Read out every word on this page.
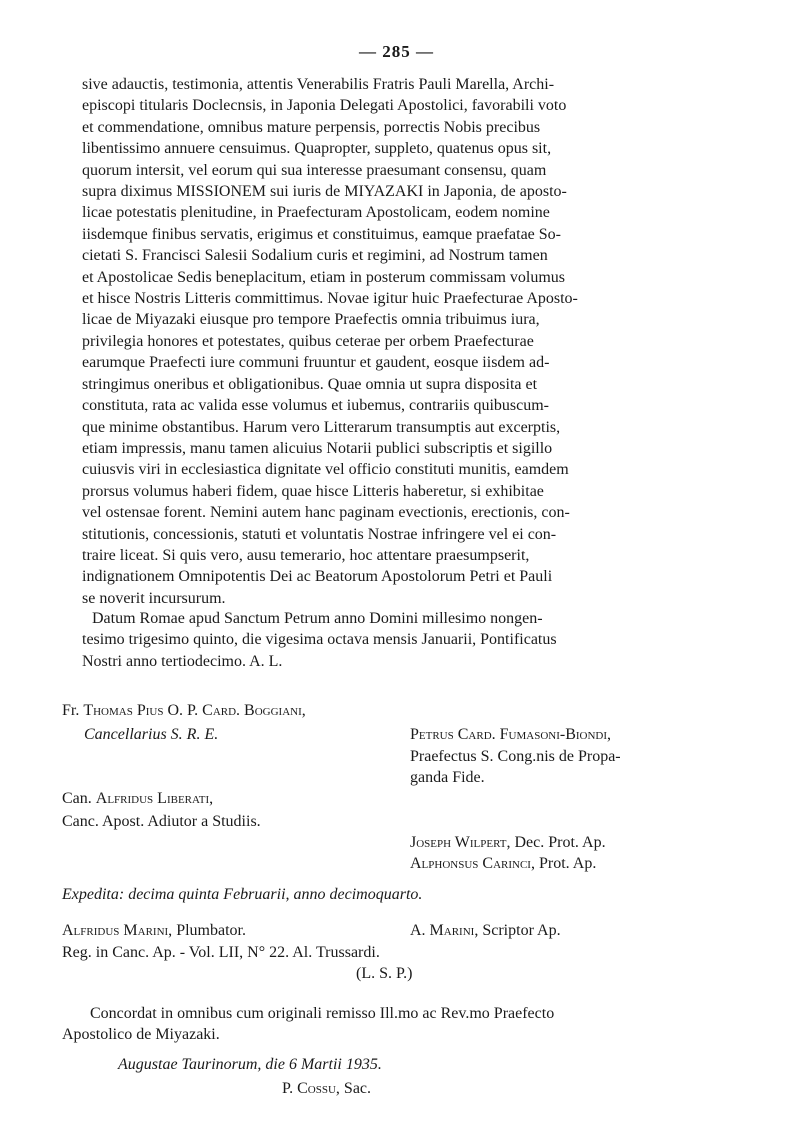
— 285 —
sive adauctis, testimonia, attentis Venerabilis Fratris Pauli Marella, Archi-
episcopi titularis Doclecnsis, in Japonia Delegati Apostolici, favorabili voto
et commendatione, omnibus mature perpensis, porrectis Nobis precibus
libentissimo annuere censuimus. Quapropter, suppleto, quatenus opus sit,
quorum intersit, vel eorum qui sua interesse praesumant consensu, quam
supra diximus MISSIONEM sui iuris de MIYAZAKI in Japonia, de aposto-
licae potestatis plenitudine, in Praefecturam Apostolicam, eodem nomine
iisdemque finibus servatis, erigimus et constituimus, eamque praefatae So-
cietati S. Francisci Salesii Sodalium curis et regimini, ad Nostrum tamen
et Apostolicae Sedis beneplacitum, etiam in posterum commissam volumus
et hisce Nostris Litteris committimus. Novae igitur huic Praefecturae Aposto-
licae de Miyazaki eiusque pro tempore Praefectis omnia tribuimus iura,
privilegia honores et potestates, quibus ceterae per orbem Praefecturae
earumque Praefecti iure communi fruuntur et gaudent, eosque iisdem ad-
stringimus oneribus et obligationibus. Quae omnia ut supra disposita et
constituta, rata ac valida esse volumus et iubemus, contrariis quibuscum-
que minime obstantibus. Harum vero Litterarum transumptis aut excerptis,
etiam impressis, manu tamen alicuius Notarii publici subscriptis et sigillo
cuiusvis viri in ecclesiastica dignitate vel officio constituti munitis, eamdem
prorsus volumus haberi fidem, quae hisce Litteris haberetur, si exhibitae
vel ostensae forent. Nemini autem hanc paginam evectionis, erectionis, con-
stitutionis, concessionis, statuti et voluntatis Nostrae infringere vel ei con-
traire liceat. Si quis vero, ausu temerario, hoc attentare praesumpserit,
indignationem Omnipotentis Dei ac Beatorum Apostolorum Petri et Pauli
se noverit incursurum.
Datum Romae apud Sanctum Petrum anno Domini millesimo nongen-
tesimo trigesimo quinto, die vigesima octava mensis Januarii, Pontificatus
Nostri anno tertiodecimo. A. L.
Fr. Thomas Pius O. P. Card. Boggiani,
Cancellarius S. R. E.	Petrus Card. Fumasoni-Biondi,
Praefectus S. Cong.nis de Propa-
ganda Fide.
Can. Alfridus Liberati,
Canc. Apost. Adiutor a Studiis.
Joseph Wilpert, Dec. Prot. Ap.
Alphonsus Carinci, Prot. Ap.
Expedita: decima quinta Februarii, anno decimoquarto.
Alfridus Marini, Plumbator.	A. Marini, Scriptor Ap.
Reg. in Canc. Ap. - Vol. LII, N° 22. Al. Trussardi.
(L. S. P.)
Concordat in omnibus cum originali remisso Ill.mo ac Rev.mo Praefecto
Apostolico de Miyazaki.
Augustae Taurinorum, die 6 Martii 1935.
P. Cossu, Sac.
